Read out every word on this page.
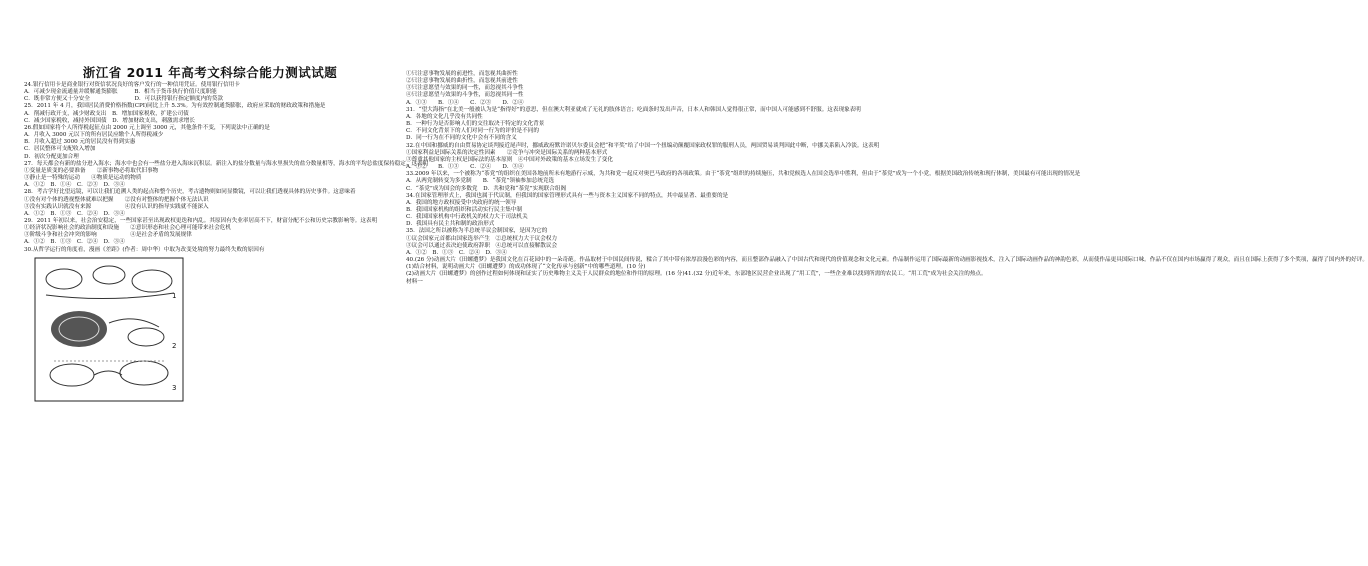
浙江省 2011 年高考文科综合能力测试试题
24.银行信用卡是商业银行对资信状况良好的客户发行的一种信用凭证。使用银行信用卡
A．可减少现金流通量并缓解通货膨胀　　　B．相当于货币执行价值尺度职能
C．既非常方便又十分安全　　　　　　　　D．可以获得银行指定额度内的贷款
25．2011 年 4 月，我国居民消费价格指数(CPI)同比上升 5.3%。为有效控制通货膨胀，政府应采取的财政政策和措施是
A．削减行政开支，减少财政支出　B．增加国家税收，扩建公司债
C．减少国家税收，减持外国国债　D．增加财政支出，刺激需求增长
26.假如国家将个人所得税起征点由 2000 元上调至 3000 元，其他条件不变，下列说法中正确的是
A．月收入 3000 元以下的所有居民应缴个人所得税减少
B．月收入超过 3000 元的居民没有得到实惠
C．居民整体可支配收入增加
D．初次分配更加合理
27．每天都会有新的盐分进入海水；海水中也会有一些盐分进入海床沉积层。新注入的盐分数量与海水里损失的盐分数量相等，海水的平均总盐度保持稳定。这表明
①变量是质变的必要准备　　②新事物必将取代旧事物
③静止是一特殊的运动　　④物质是运动的物质
A．①②　B．①④　C．②③　D．③④
28．考古学好比望远镜，可以让我们追溯人类的起点和整个历史，考古遗物则如同显微镜，可以让我们透视具体的历史事件。这意味着
①没有对个体的透视整体就难以把握　　②没有对整体的把握个体无法认识
③没有实践认识就没有来源　　　　　　④没有认识的指导实践就不能深入
A．①②　B．①③　C．②④　D．③④
29．2011 年初以来，社会治安稳定，一些国家甚至出现政权更迭和内乱。其原因有失业率居高不下，财富分配不公和历史宗教影响等。这表明
①经济状况影响社会的政治制度和设施　　②意识形态和社会心理可能带来社会危机
③阶级斗争和社会冲突的影响　　　　　　④是社会矛盾的发展规律
A．①②　B．①③　C．②④　D．③④
30.从哲学运行的角度看，漫画《差距》(作者：周中华）中取为改变处境的努力最终失败的原因有
1
2
3
①只注意事物发展的前进性，而忽视其曲折性
②只注意事物发展的曲折性，而忽视其前进性
③只注意愿望与效果的同一性，而忽视其斗争性
④只注意愿望与效果的斗争性，而忽视其同一性
A．①③　　B．①④　　C．②③　　D．②④
31．“望大海指”在北美一般被认为是“指得好”的意思，但在澳大利亚就成了无礼的肢体语言；吃面条时发出声音，日本人和韩国人觉得很正常，而中国人可能感到不舒服。这表现象表明
A．各地的文化几乎没有共同性
B．一种行为是否影响人们的交往取决于特定的文化背景
C．不同文化背景下的人们对同一行为的评价是不同的
D．同一行为在不同的文化中会有不同的含义
32.在中国和挪威的自由贸易协定谈判接近尾声时，挪威政府默许诺贝尔委员会把“和平奖”给了中国一个扭编动颠覆国家政权罪的服刑人员，两国贸易谈判因此中断，中挪关系陷入冷淡。这表明
①国家利益是国际关系的决定性因素　　②竞争与冲突是国际关系的两种基本形式
③尊重其他国家的主权是国际法的基本原则　④中国对外政策的基本立场发生了变化
A．①②　　B．①③　　C．②④　　D．③④
33.2009 年以来，一个被称为“茶党”的组织在美国各地前所未有地游行示威，为共和党一起反对奥巴马政府的各项政策。由于“茶党”组织的持续施压，共和党候选人在国会选举中胜利，但由于“茶党”成为一个小党，根据美国政治传统和现行体制，美国最有可能出现的情况是
A．从两党制转变为多党制　　B．“茶党”领袖参加总统竞选
C．“茶党”成为国会的多数党　D．共和党和“茶党”实现联合组阁
34.在国家管理形式上，我国也属于代议制，但我国的国家管理形式具有一些与资本主义国家不同的特点，其中最显著、最重要的是
A．我国的地方政权接受中央政府的统一领导
B．我国国家机构的组织和活动实行民主集中制
C．我国国家机构中行政机关的权力大于司法机关
D．我国具有民主共和制的政治形式
35．法国之所以被称为半总统半议会制国家，是因为它的
①议会国家元首都由国家选举产生　②总统权力大于议会权力
③议会可以通过表决迫使政府辞职　④总统可以直接解散议会
A．①②　B．①③　C．②④　D．③④
40.(26 分)动画大片《田螺遭梦》是我国文化在百花园中的一朵奇葩。作品取材于中国民间传说，糅合了其中带有浓厚浪漫色彩的内容，而且整部作品融入了中国古代和现代的价值观念和文化元素。作品制作运用了国际最新的动画影视技术，注入了国际动画作品的神韵色彩，从而使作品更具国际口味。作品不仅在国内市场赢得了观众，而且在国际上获得了多个奖项，赢得了国内外的好评。
(1)结合材料，说明动画大片《田螺遭梦》的成功体现了“文化传承与创新”中的哪些道理。(10 分)
(2)动画大片《田螺遭梦》的创作过程如何体现和证实了历史唯物主义关于人民群众的地位和作用的原理。(16 分)41.(32 分)近年来，东部地区民营企业出现了“用工荒”，一些企业难以找到所需的农民工。“用工荒”成为社会关注的热点。
材料一
